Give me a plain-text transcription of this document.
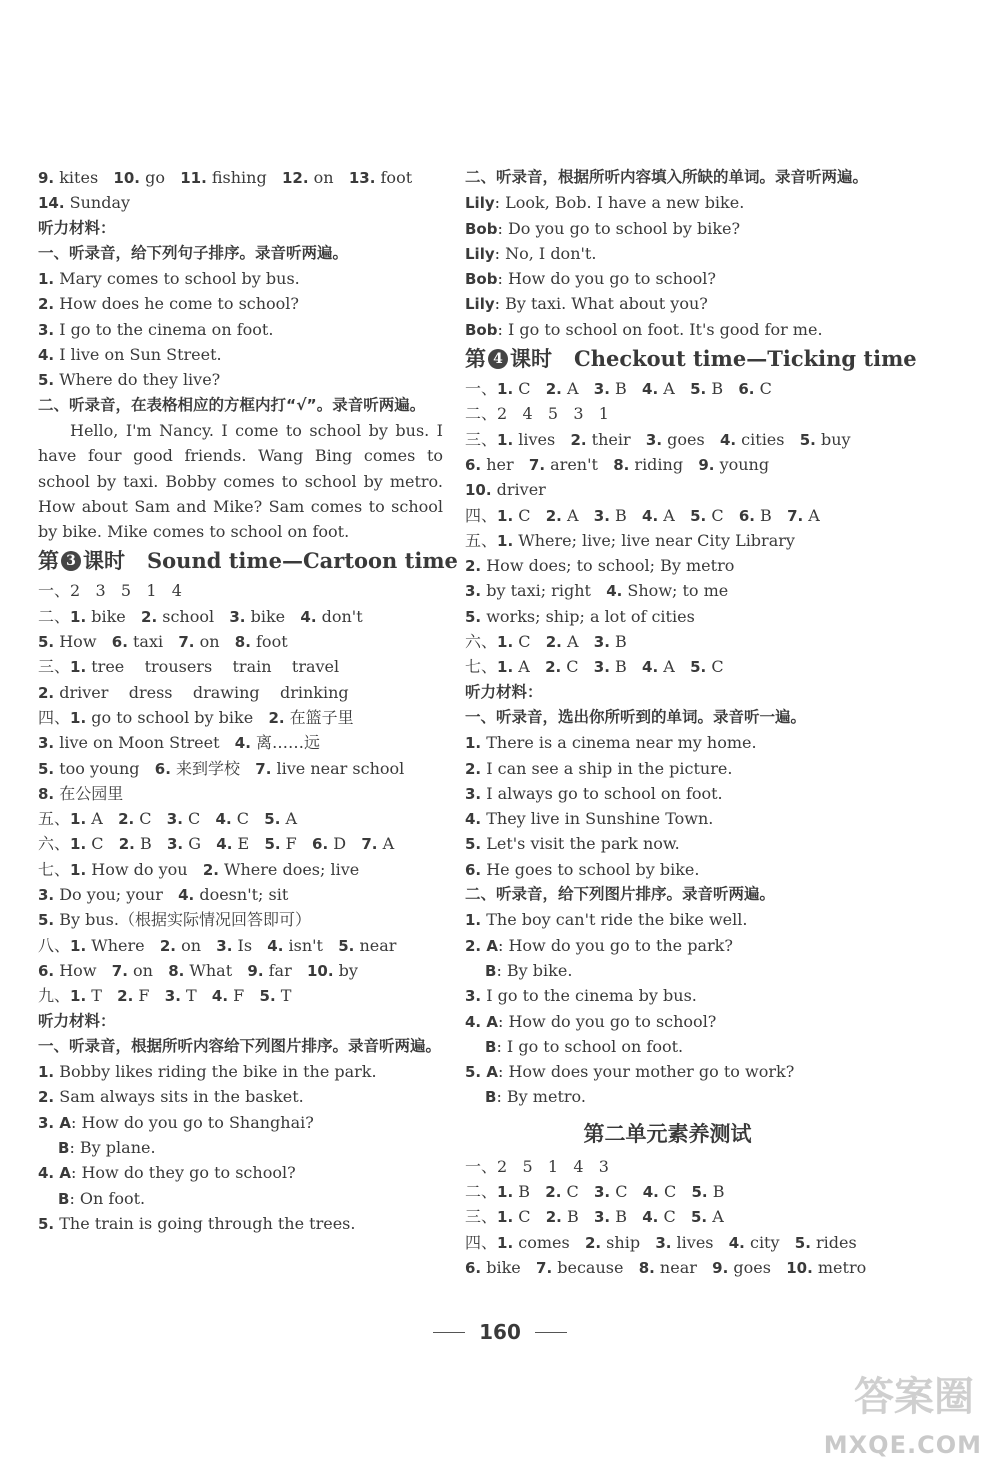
9. kites   10. go   11. fishing   12. on   13. foot
14. Sunday
听力材料：
一、听录音，给下列句子排序。录音听两遍。
1. Mary comes to school by bus.
2. How does he come to school?
3. I go to the cinema on foot.
4. I live on Sun Street.
5. Where do they live?
二、听录音，在表格相应的方框内打“√”。录音听两遍。
Hello, I'm Nancy. I come to school by bus. I have four good friends. Wang Bing comes to school by taxi. Bobby comes to school by metro. How about Sam and Mike? Sam comes to school by bike. Mike comes to school on foot.
第 3 课时 Sound time—Cartoon time
一、2   3   5   1   4
二、1. bike   2. school   3. bike   4. don't
5. How   6. taxi   7. on   8. foot
三、1. tree    trousers    train    travel
2. driver    dress    drawing    drinking
四、1. go to school by bike   2. 在篮子里
3. live on Moon Street   4. 离……远
5. too young   6. 来到学校   7. live near school
8. 在公园里
五、1. A   2. C   3. C   4. C   5. A
六、1. C   2. B   3. G   4. E   5. F   6. D   7. A
七、1. How do you   2. Where does; live
3. Do you; your   4. doesn't; sit
5. By bus.（根据实际情况回答即可）
八、1. Where   2. on   3. Is   4. isn't   5. near
6. How   7. on   8. What   9. far   10. by
九、1. T   2. F   3. T   4. F   5. T
听力材料：
一、听录音，根据所听内容给下列图片排序。录音听两遍。
1. Bobby likes riding the bike in the park.
2. Sam always sits in the basket.
3. A: How do you go to Shanghai?
B: By plane.
4. A: How do they go to school?
B: On foot.
5. The train is going through the trees.
二、听录音，根据所听内容填入所缺的单词。录音听两遍。
Lily: Look, Bob. I have a new bike.
Bob: Do you go to school by bike?
Lily: No, I don't.
Bob: How do you go to school?
Lily: By taxi. What about you?
Bob: I go to school on foot. It's good for me.
第 4 课时 Checkout time—Ticking time
一、1. C   2. A   3. B   4. A   5. B   6. C
二、2   4   5   3   1
三、1. lives   2. their   3. goes   4. cities   5. buy
6. her   7. aren't   8. riding   9. young
10. driver
四、1. C   2. A   3. B   4. A   5. C   6. B   7. A
五、1. Where; live; live near City Library
2. How does; to school; By metro
3. by taxi; right   4. Show; to me
5. works; ship; a lot of cities
六、1. C   2. A   3. B
七、1. A   2. C   3. B   4. A   5. C
听力材料：
一、听录音，选出你所听到的单词。录音听一遍。
1. There is a cinema near my home.
2. I can see a ship in the picture.
3. I always go to school on foot.
4. They live in Sunshine Town.
5. Let's visit the park now.
6. He goes to school by bike.
二、听录音，给下列图片排序。录音听两遍。
1. The boy can't ride the bike well.
2. A: How do you go to the park?
B: By bike.
3. I go to the cinema by bus.
4. A: How do you go to school?
B: I go to school on foot.
5. A: How does your mother go to work?
B: By metro.
第二单元素养测试
一、2   5   1   4   3
二、1. B   2. C   3. C   4. C   5. B
三、1. C   2. B   3. B   4. C   5. A
四、1. comes   2. ship   3. lives   4. city   5. rides
6. bike   7. because   8. near   9. goes   10. metro
160
答案圈
MXQE.COM
